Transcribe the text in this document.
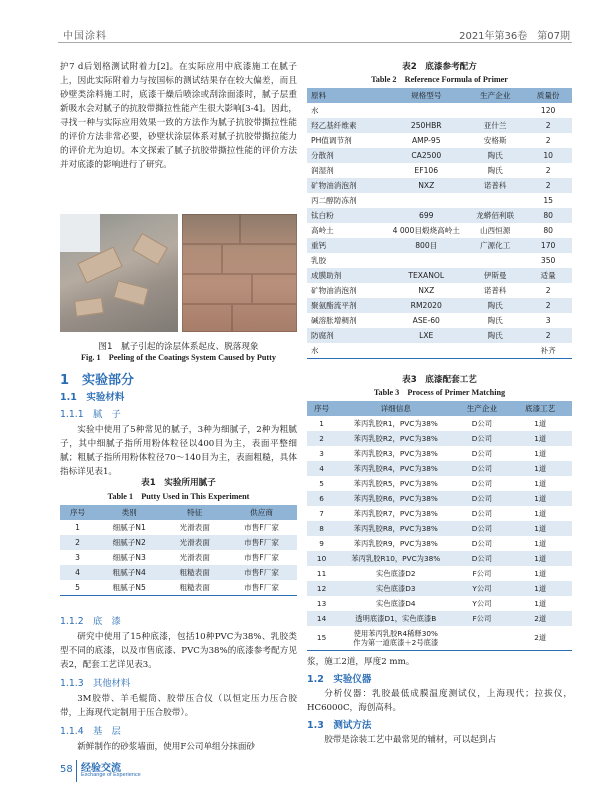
中国涂料	2021年第36卷　第07期

护7 d后划格测试附着力[2]。在实际应用中底漆施工在腻子上，因此实际附着力与按国标的测试结果存在较大偏差，而且砂壁类涂料施工时，底漆干燥后喷涂或刮涂面漆时，腻子层重新吸水会对腻子的抗胶带撕拉性能产生很大影响[3-4]。因此，寻找一种与实际应用效果一致的方法作为腻子抗胶带撕拉性能的评价方法非常必要，砂壁状涂层体系对腻子抗胶带撕拉能力的评价尤为迫切。本文探索了腻子抗胶带撕拉性能的评价方法并对底漆的影响进行了研究。

图1　腻子引起的涂层体系起皮、脱落现象
Fig. 1　Peeling of the Coatings System Caused by Putty
1　实验部分
1.1　实验材料
1.1.1　腻　子

实验中使用了5种常见的腻子，3种为细腻子，2种为粗腻子，其中细腻子指所用粉体粒径以400目为主，表面平整细腻；粗腻子指所用粉体粒径70～140目为主，表面粗糙，具体指标详见表1。

表1　实验所用腻子
Table 1　Putty Used in This Experiment
序号	类别	特征	供应商
1	细腻子N1	光滑表面	市售F厂家
2	细腻子N2	光滑表面	市售F厂家
3	细腻子N3	光滑表面	市售F厂家
4	粗腻子N4	粗糙表面	市售F厂家
5	粗腻子N5	粗糙表面	市售F厂家
1.1.2　底　漆

研究中使用了15种底漆，包括10种PVC为38%、乳胶类型不同的底漆，以及市售底漆、PVC为38%的底漆参考配方见表2，配套工艺详见表3。

1.1.3　其他材料

3M胶带、羊毛辊筒、胶带压合仪（以恒定压力压合胶带，上海现代定制用于压合胶带）。

1.1.4　基　层

新鲜制作的砂浆墙面，使用F公司单组分抹面砂

表2　底漆参考配方
Table 2　Reference Formula of Primer
原料	规格型号	生产企业	质量份
水			120
羟乙基纤维素	250HBR	亚什兰	2
PH值调节剂	AMP-95	安格斯	2
分散剂	CA2500	陶氏	10
润湿剂	EF106	陶氏	2
矿物油消泡剂	NXZ	诺普科	2
丙二醇防冻剂			15
钛白粉	699	龙蟒佰利联	80
高岭土	4 000目煅烧高岭土	山西恒源	80
重钙	800目	广源化工	170
乳胶			350
成膜助剂	TEXANOL	伊斯曼	适量
矿物油消泡剂	NXZ	诺普科	2
聚氨酯流平剂	RM2020	陶氏	2
碱溶胀增稠剂	ASE-60	陶氏	3
防腐剂	LXE	陶氏	2
水			补齐
表3　底漆配套工艺
Table 3　Process of Primer Matching
序号	详细信息	生产企业	底漆工艺
1	苯丙乳胶R1，PVC为38%	D公司	1道
2	苯丙乳胶R2，PVC为38%	D公司	1道
3	苯丙乳胶R3，PVC为38%	D公司	1道
4	苯丙乳胶R4，PVC为38%	D公司	1道
5	苯丙乳胶R5，PVC为38%	D公司	1道
6	苯丙乳胶R6，PVC为38%	D公司	1道
7	苯丙乳胶R7，PVC为38%	D公司	1道
8	苯丙乳胶R8，PVC为38%	D公司	1道
9	苯丙乳胶R9，PVC为38%	D公司	1道
10	苯丙乳胶R10，PVC为38%	D公司	1道
11	实色底漆D2	F公司	1道
12	实色底漆D3	Y公司	1道
13	实色底漆D4	Y公司	1道
14	透明底漆D1，实色底漆B	F公司	2道
15	使用苯丙乳胶R4稀释30%
作为第一道底漆＋2号底漆		2道

浆，施工2道，厚度2 mm。

1.2　实验仪器

分析仪器：乳胶最低成膜温度测试仪，上海现代；拉拔仪，HC6000C，海创高科。

1.3　测试方法

胶带是涂装工艺中最常见的辅材，可以起到占

58 经验交流
Exchange of Experience
